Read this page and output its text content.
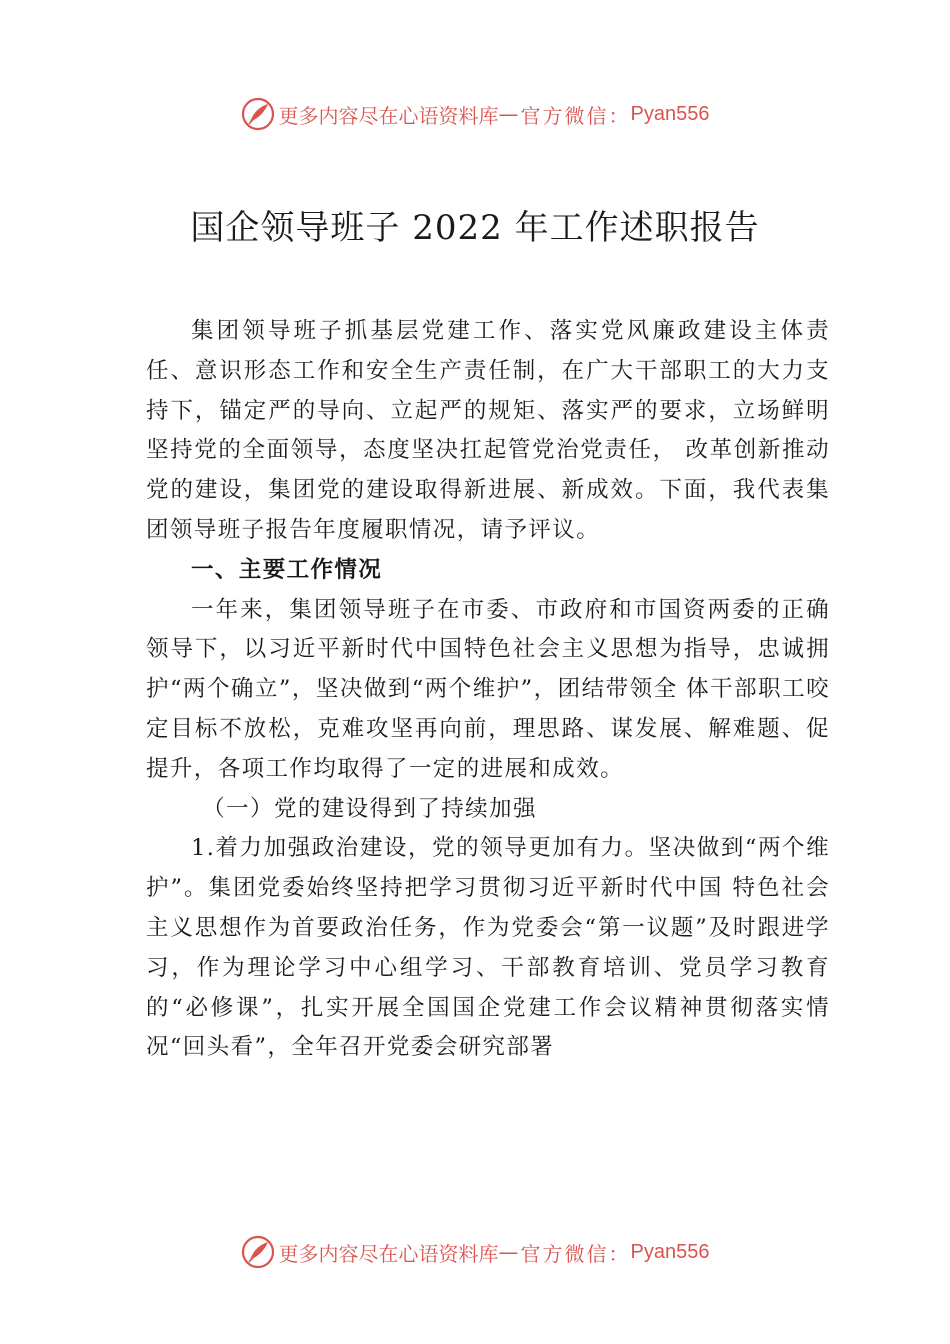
更多内容尽在心语资料库 — 官方微信： Pyan556
国企领导班子 2022 年工作述职报告

集团领导班子抓基层党建工作、落实党风廉政建设主体责任、意识形态工作和安全生产责任制，在广大干部职工的大力支持下，锚定严的导向、立起严的规矩、落实严的要求，立场鲜明坚持党的全面领导，态度坚决扛起管党治党责任， 改革创新推动党的建设，集团党的建设取得新进展、新成效。下面，我代表集团领导班子报告年度履职情况，请予评议。

一、主要工作情况

一年来，集团领导班子在市委、市政府和市国资两委的正确领导下，以习近平新时代中国特色社会主义思想为指导，忠诚拥护“两个确立”，坚决做到“两个维护”，团结带领全 体干部职工咬定目标不放松，克难攻坚再向前，理思路、谋发展、解难题、促提升，各项工作均取得了一定的进展和成效。

（一）党的建设得到了持续加强

1.着力加强政治建设，党的领导更加有力。坚决做到“两个维护”。集团党委始终坚持把学习贯彻习近平新时代中国 特色社会主义思想作为首要政治任务，作为党委会“第一议题”及时跟进学习，作为理论学习中心组学习、干部教育培训、党员学习教育的“必修课”，扎实开展全国国企党建工作会议精神贯彻落实情况“回头看”，全年召开党委会研究部署

更多内容尽在心语资料库 — 官方微信： Pyan556
